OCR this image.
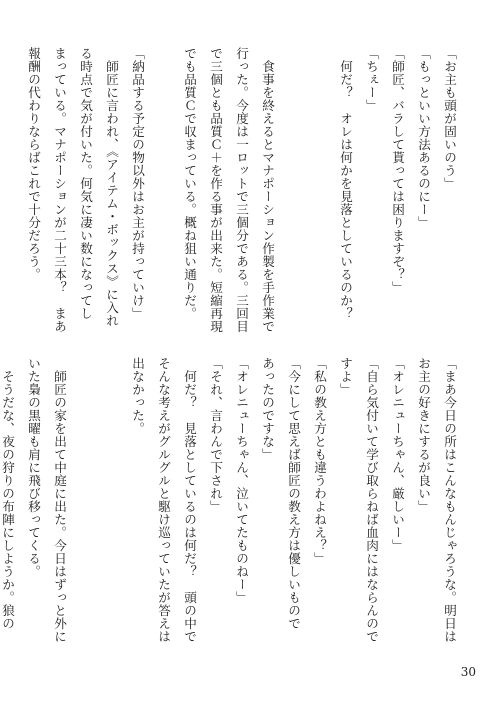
「お主も頭が固いのう」
「もっといい方法あるのにー」
「師匠、バラして貰っては困りますぞ？」
「ちぇー」
　何だ？　オレは何かを見落としているのか？

　食事を終えるとマナポーション作製を手作業で
行った。今度は一ロットで三個分である。三回目
で三個とも品質Ｃ＋を作る事が出来た。短縮再現
でも品質Ｃで収まっている。概ね狙い通りだ。

「納品する予定の物以外はお主が持っていけ」
　師匠に言われ、《アイテム・ボックス》に入れ
る時点で気が付いた。何気に凄い数になってし
まっている。マナポーションが二十三本？　まあ
報酬の代わりならばこれで十分だろう。
「まあ今日の所はこんなもんじゃろうな。明日は
お主の好きにするが良い」
「オレニューちゃん、厳しいー」
「自ら気付いて学び取らねば血肉にはならんので
すよ」
「私の教え方とも違うわよねえ？」
「今にして思えば師匠の教え方は優しいもので
あったのですな」
「オレニューちゃん、泣いてたものねー」
「それ、言わんで下され」
　何だ？　見落としているのは何だ？　頭の中で
そんな考えがグルグルと駆け巡っていたが答えは
出なかった。

　師匠の家を出て中庭に出た。今日はずっと外に
いた梟の黒曜も肩に飛び移ってくる。
　そうだな、夜の狩りの布陣にしようか。狼の
30
